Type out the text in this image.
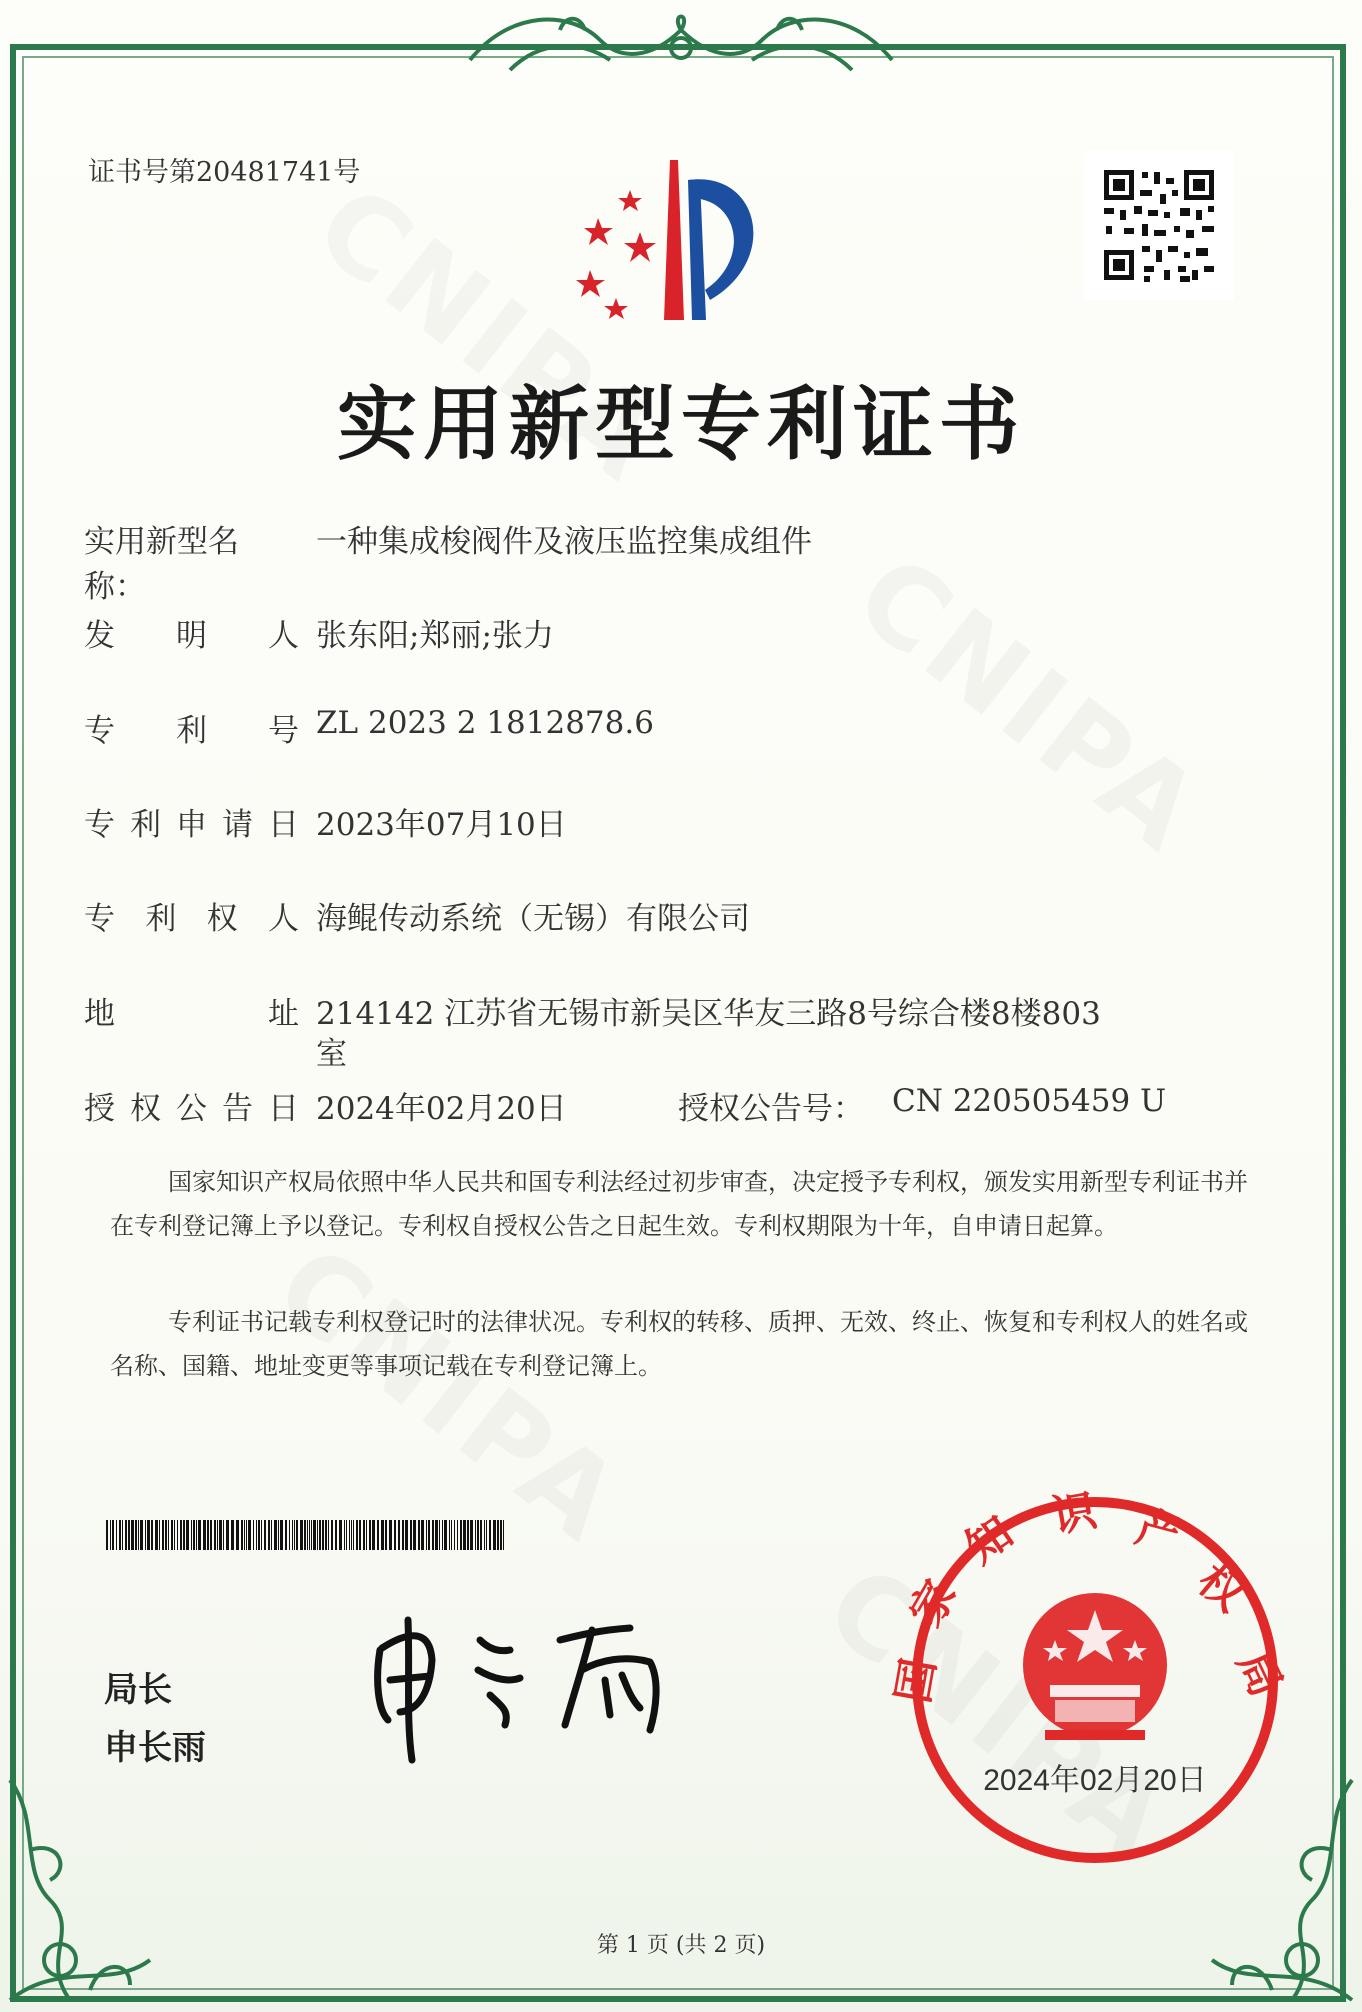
证书号第20481741号
实用新型专利证书
实用新型名称：
一种集成梭阀件及液压监控集成组件
发 明 人 张东阳;郑丽;张力
专 利 号 ZL 2023 2 1812878.6
专 利 申 请 日 2023年07月10日
专 利 权 人 海鲲传动系统（无锡）有限公司
地	址 214142 江苏省无锡市新吴区华友三路8号综合楼8楼803
室
授 权 公 告 日 2024年02月20日	授权公告号： CN 220505459 U
国家知识产权局依照中华人民共和国专利法经过初步审查，决定授予专利权，颁发实用新型专利证书并在专利登记簿上予以登记。专利权自授权公告之日起生效。专利权期限为十年，自申请日起算。
专利证书记载专利权登记时的法律状况。专利权的转移、质押、无效、终止、恢复和专利权人的姓名或名称、国籍、地址变更等事项记载在专利登记簿上。
局长
申长雨
家
知 识 产
权
局
国
2024年02月20日
第 1 页 (共 2 页)
